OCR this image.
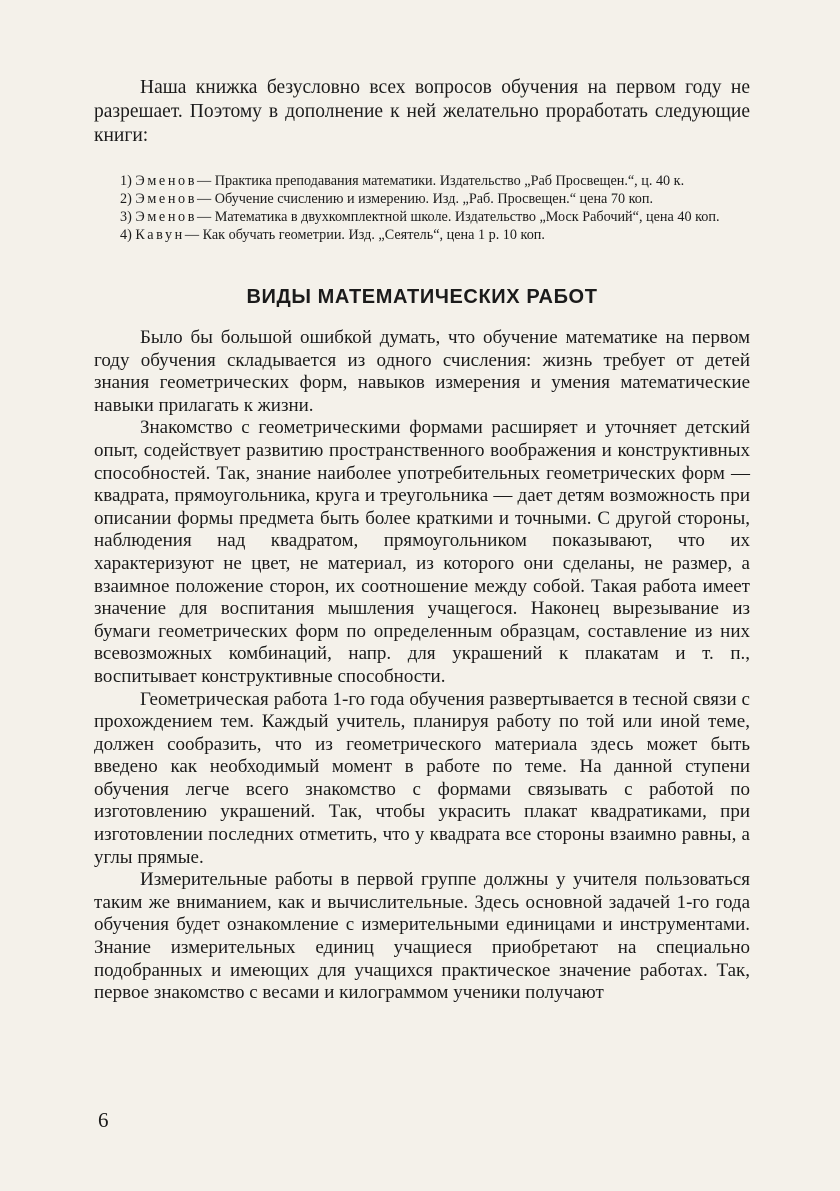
Наша книжка безусловно всех вопросов обучения на первом году не разрешает. Поэтому в дополнение к ней желательно проработать следующие книги:

1) Эменов— Практика преподавания математики. Издательство „Раб Просвещен.“, ц. 40 к.

2) Эменов— Обучение счислению и измерению. Изд. „Раб. Просвещен.“ цена 70 коп.

3) Эменов— Математика в двухкомплектной школе. Издательство „Моск Рабочий“, цена 40 коп.

4) Кавун— Как обучать геометрии. Изд. „Сеятель“, цена 1 р. 10 коп.

ВИДЫ МАТЕМАТИЧЕСКИХ РАБОТ

Было бы большой ошибкой думать, что обучение математике на первом году обучения складывается из одного счисления: жизнь требует от детей знания геометрических форм, навыков измерения и умения математические навыки прилагать к жизни.

Знакомство с геометрическими формами расширяет и уточняет детский опыт, содействует развитию пространственного воображения и конструктивных способностей. Так, знание наиболее употребительных геометрических форм — квадрата, прямоугольника, круга и треугольника — дает детям возможность при описании формы предмета быть более краткими и точными. С другой стороны, наблюдения над квадратом, прямоугольником показывают, что их характеризуют не цвет, не материал, из которого они сделаны, не размер, а взаимное положение сторон, их соотношение между собой. Такая работа имеет значение для воспитания мышления учащегося. Наконец вырезывание из бумаги геометрических форм по определенным образцам, составление из них всевозможных комбинаций, напр. для украшений к плакатам и т. п., воспитывает конструктивные способности.

Геометрическая работа 1-го года обучения развертывается в тесной связи с прохождением тем. Каждый учитель, планируя работу по той или иной теме, должен сообразить, что из геометрического материала здесь может быть введено как необходимый момент в работе по теме. На данной ступени обучения легче всего знакомство с формами связывать с работой по изготовлению украшений. Так, чтобы украсить плакат квадратиками, при изготовлении последних отметить, что у квадрата все стороны взаимно равны, а углы прямые.

Измерительные работы в первой группе должны у учителя пользоваться таким же вниманием, как и вычислительные. Здесь основной задачей 1-го года обучения будет ознакомление с измерительными единицами и инструментами. Знание измерительных единиц учащиеся приобретают на специально подобранных и имеющих для учащихся практическое значение работах. Так, первое знакомство с весами и килограммом ученики получают

6
